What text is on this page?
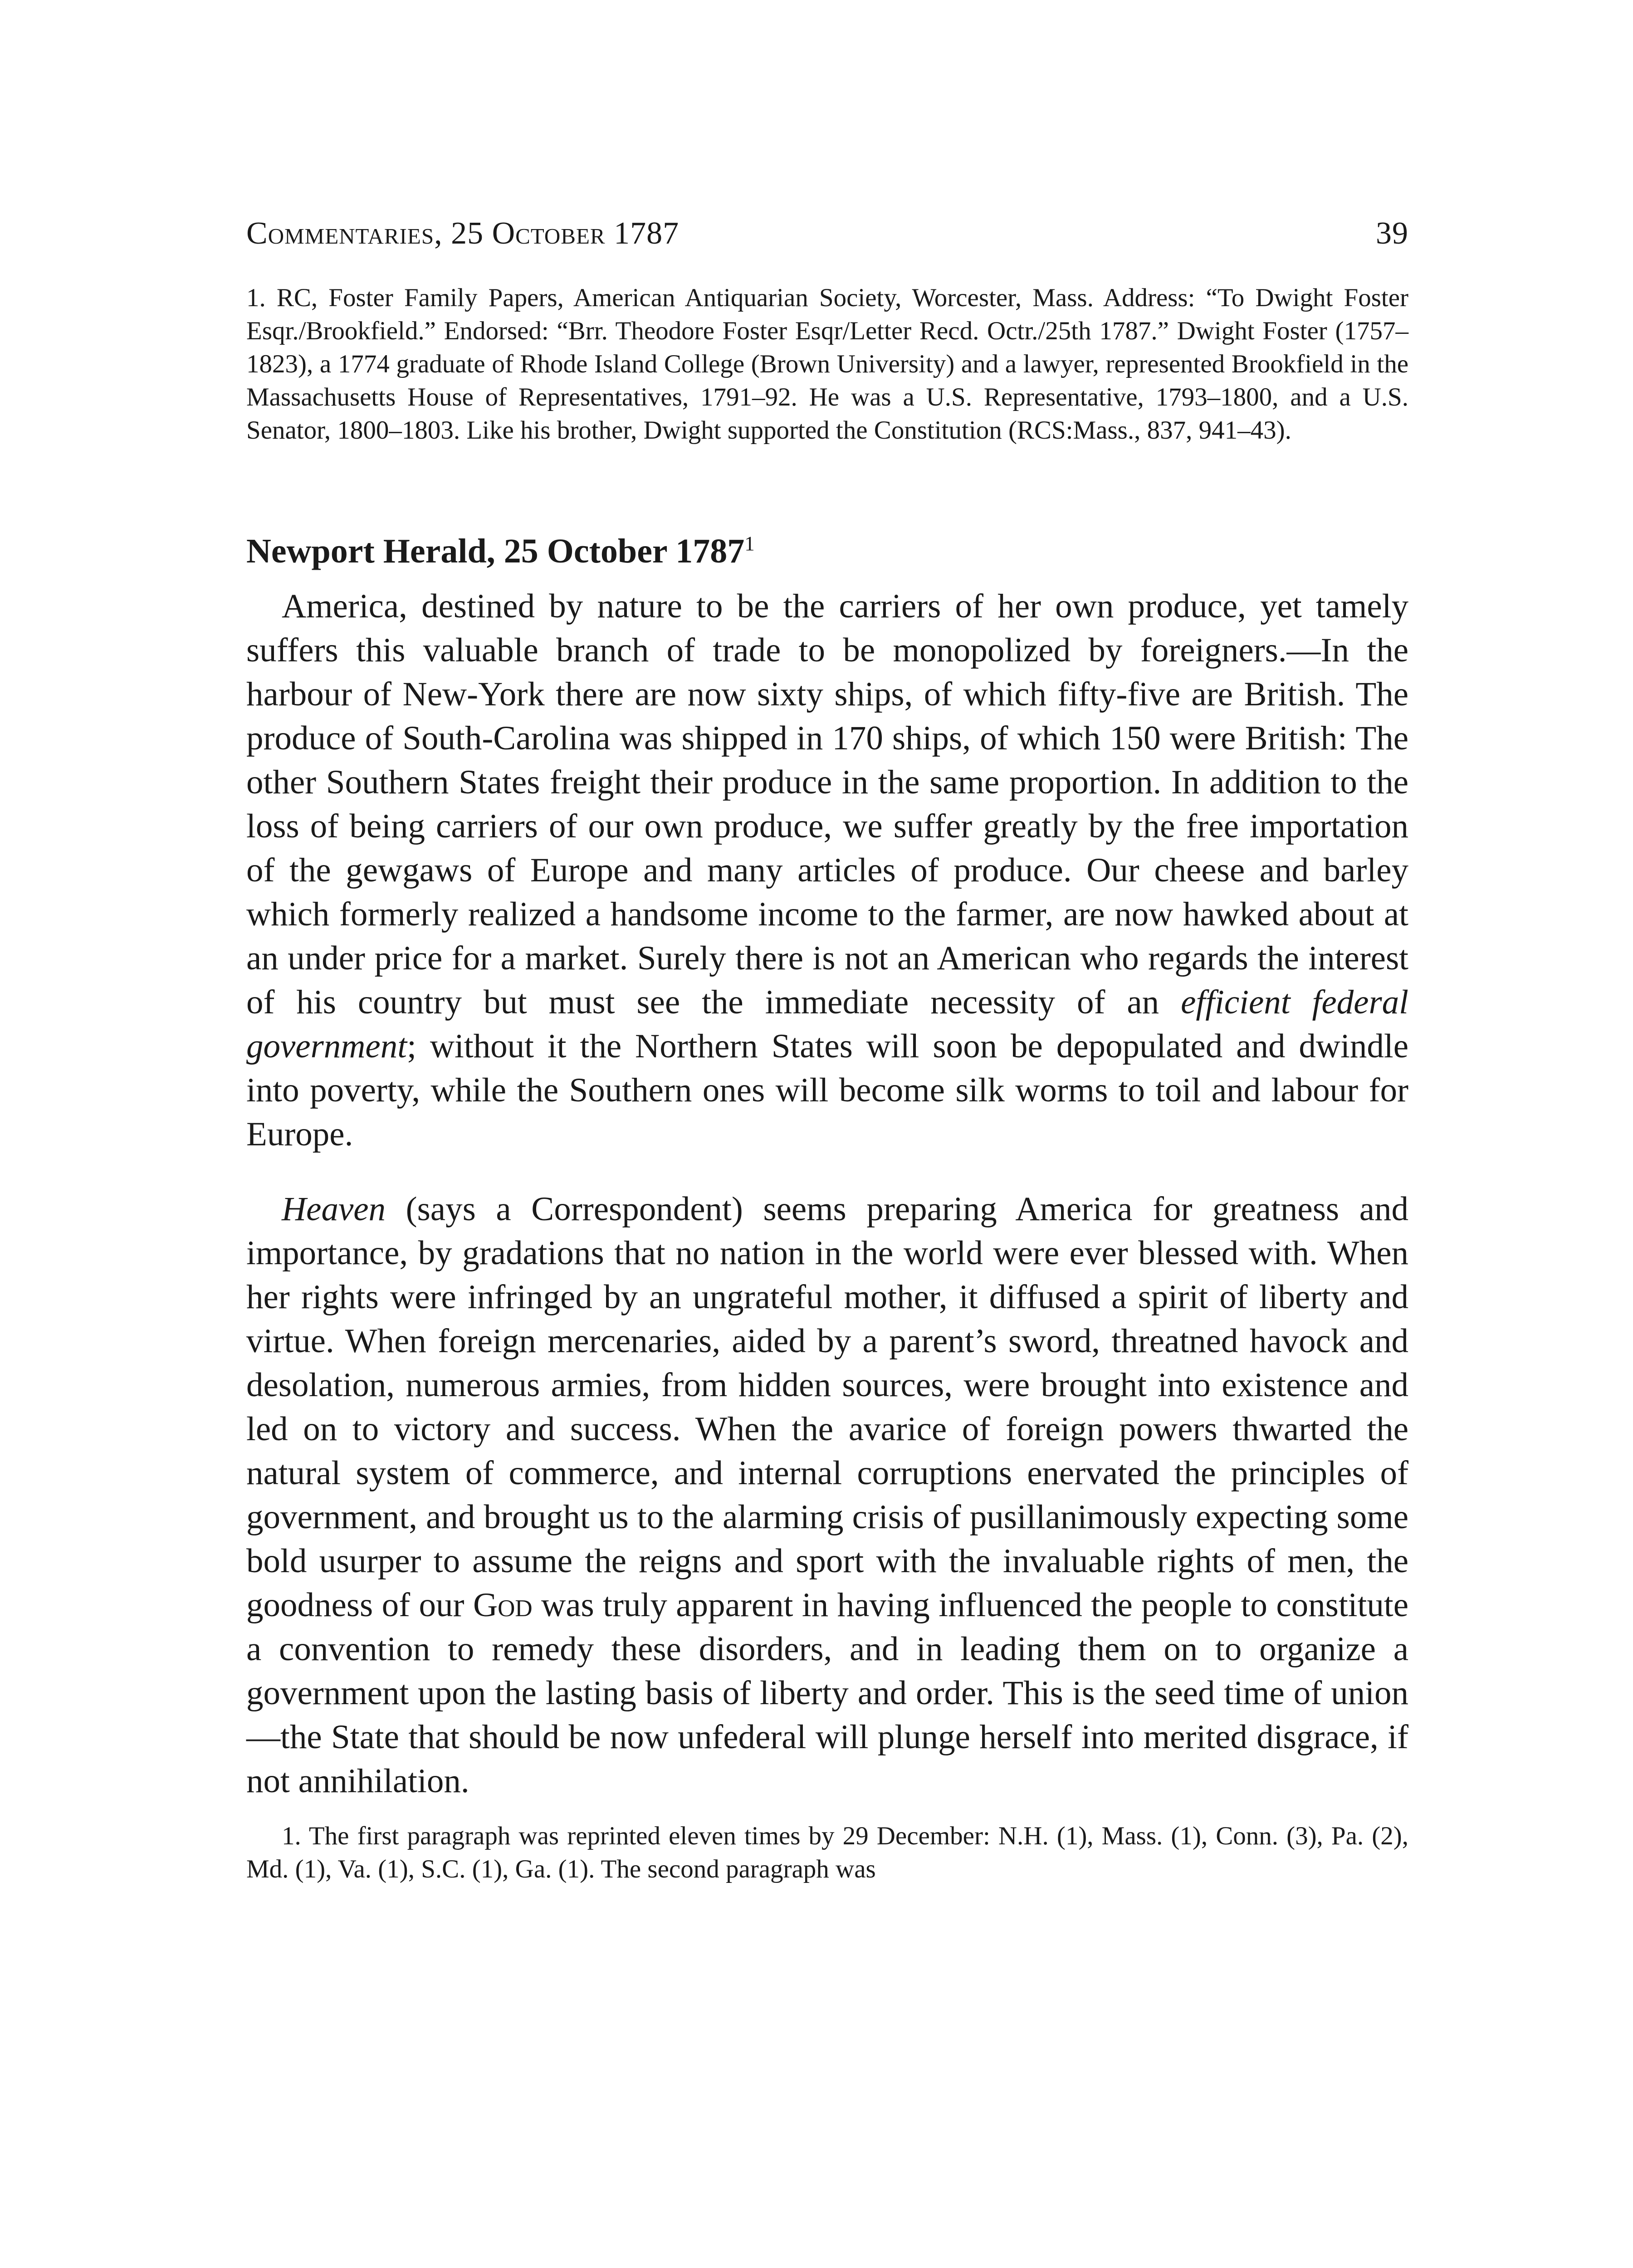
Commentaries, 25 October 1787	39

1. RC, Foster Family Papers, American Antiquarian Society, Worcester, Mass. Address: “To Dwight Foster Esqr./Brookfield.” Endorsed: “Brr. Theodore Foster Esqr/Letter Recd. Octr./25th 1787.” Dwight Foster (1757–1823), a 1774 graduate of Rhode Island College (Brown University) and a lawyer, represented Brookfield in the Massachusetts House of Representatives, 1791–92. He was a U.S. Representative, 1793–1800, and a U.S. Senator, 1800–1803. Like his brother, Dwight supported the Constitution (RCS:Mass., 837, 941–43).

Newport Herald, 25 October 1787$^1$

America, destined by nature to be the carriers of her own produce, yet tamely suffers this valuable branch of trade to be monopolized by foreigners.—In the harbour of New-York there are now sixty ships, of which fifty-five are British. The produce of South-Carolina was shipped in 170 ships, of which 150 were British: The other Southern States freight their produce in the same proportion. In addition to the loss of being carriers of our own produce, we suffer greatly by the free importation of the gewgaws of Europe and many articles of produce. Our cheese and barley which formerly realized a handsome income to the farmer, are now hawked about at an under price for a market. Surely there is not an American who regards the interest of his country but must see the immediate necessity of an efficient federal government; without it the Northern States will soon be depopulated and dwindle into poverty, while the Southern ones will become silk worms to toil and labour for Europe.

Heaven (says a Correspondent) seems preparing America for greatness and importance, by gradations that no nation in the world were ever blessed with. When her rights were infringed by an ungrateful mother, it diffused a spirit of liberty and virtue. When foreign mercenaries, aided by a parent’s sword, threatned havock and desolation, numerous armies, from hidden sources, were brought into existence and led on to victory and success. When the avarice of foreign powers thwarted the natural system of commerce, and internal corruptions enervated the principles of government, and brought us to the alarming crisis of pusillanimously expecting some bold usurper to assume the reigns and sport with the invaluable rights of men, the goodness of our God was truly apparent in having influenced the people to constitute a convention to remedy these disorders, and in leading them on to organize a government upon the lasting basis of liberty and order. This is the seed time of union—the State that should be now unfederal will plunge herself into merited disgrace, if not annihilation.

1. The first paragraph was reprinted eleven times by 29 December: N.H. (1), Mass. (1), Conn. (3), Pa. (2), Md. (1), Va. (1), S.C. (1), Ga. (1). The second paragraph was
